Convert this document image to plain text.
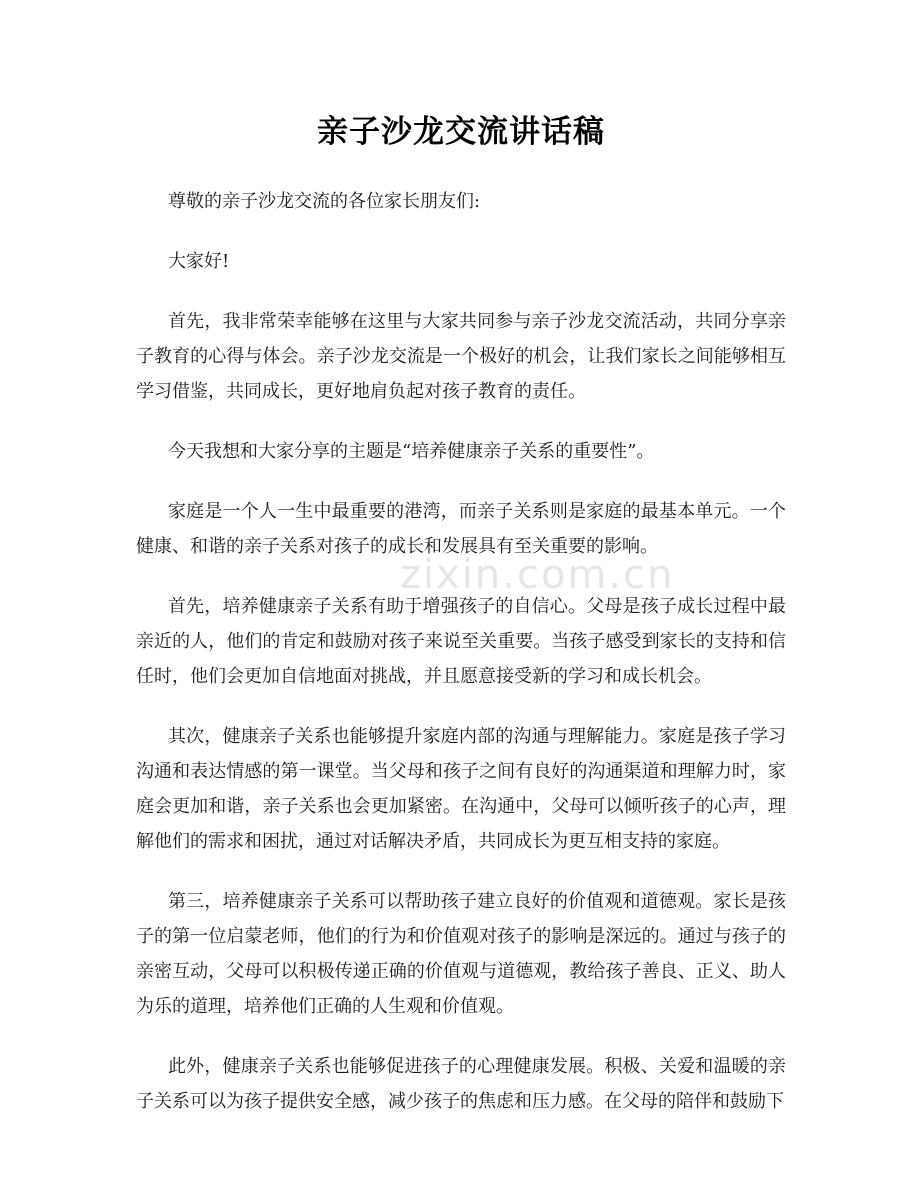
亲子沙龙交流讲话稿

尊敬的亲子沙龙交流的各位家长朋友们:

大家好!

首先，我非常荣幸能够在这里与大家共同参与亲子沙龙交流活动，共同分享亲子教育的心得与体会。亲子沙龙交流是一个极好的机会，让我们家长之间能够相互学习借鉴，共同成长，更好地肩负起对孩子教育的责任。

今天我想和大家分享的主题是“培养健康亲子关系的重要性”。

家庭是一个人一生中最重要的港湾，而亲子关系则是家庭的最基本单元。一个健康、和谐的亲子关系对孩子的成长和发展具有至关重要的影响。

首先，培养健康亲子关系有助于增强孩子的自信心。父母是孩子成长过程中最亲近的人，他们的肯定和鼓励对孩子来说至关重要。当孩子感受到家长的支持和信任时，他们会更加自信地面对挑战，并且愿意接受新的学习和成长机会。

其次，健康亲子关系也能够提升家庭内部的沟通与理解能力。家庭是孩子学习沟通和表达情感的第一课堂。当父母和孩子之间有良好的沟通渠道和理解力时，家庭会更加和谐，亲子关系也会更加紧密。在沟通中，父母可以倾听孩子的心声，理解他们的需求和困扰，通过对话解决矛盾，共同成长为更互相支持的家庭。

第三，培养健康亲子关系可以帮助孩子建立良好的价值观和道德观。家长是孩子的第一位启蒙老师，他们的行为和价值观对孩子的影响是深远的。通过与孩子的亲密互动，父母可以积极传递正确的价值观与道德观，教给孩子善良、正义、助人为乐的道理，培养他们正确的人生观和价值观。

此外，健康亲子关系也能够促进孩子的心理健康发展。积极、关爱和温暖的亲子关系可以为孩子提供安全感，减少孩子的焦虑和压力感。在父母的陪伴和鼓励下

zixin.com.cn
